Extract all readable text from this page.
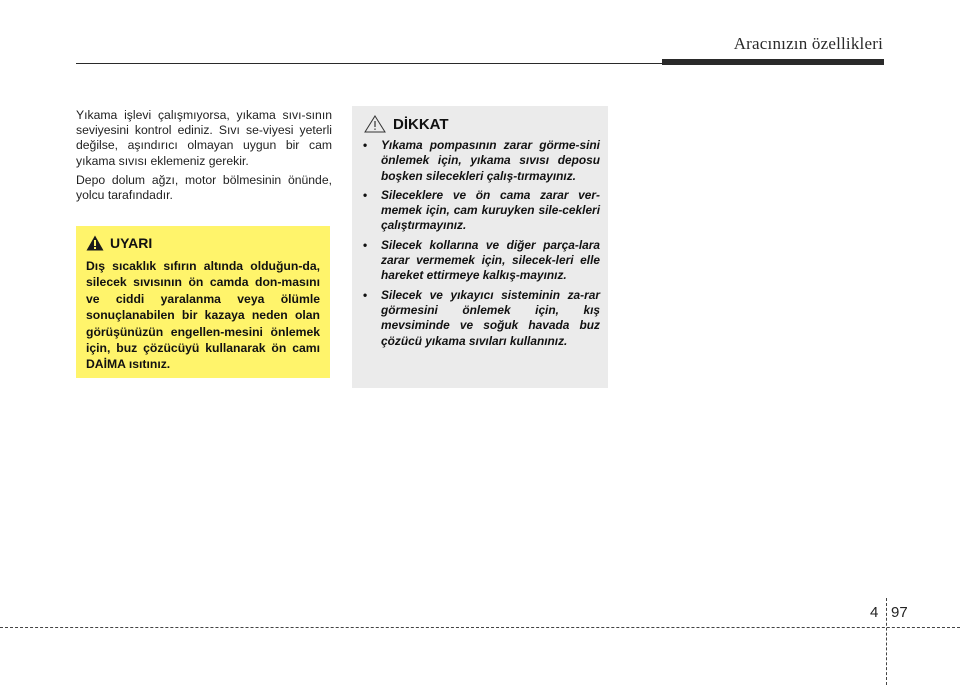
Aracınızın özellikleri

Yıkama işlevi çalışmıyorsa, yıkama sıvı-sının seviyesini kontrol ediniz. Sıvı se-viyesi yeterli değilse, aşındırıcı olmayan uygun bir cam yıkama sıvısı eklemeniz gerekir.

Depo dolum ağzı, motor bölmesinin önünde, yolcu tarafındadır.

UYARI
Dış sıcaklık sıfırın altında olduğun-da, silecek sıvısının ön camda don-masını ve ciddi yaralanma veya ölümle sonuçlanabilen bir kazaya neden olan görüşünüzün engellen-mesini önlemek için, buz çözücüyü kullanarak ön camı DAİMA ısıtınız.
DİKKAT
• Yıkama pompasının zarar görme-sini önlemek için, yıkama sıvısı deposu boşken silecekleri çalış-tırmayınız.
• Sileceklere ve ön cama zarar ver-memek için, cam kuruyken sile-cekleri çalıştırmayınız.
• Silecek kollarına ve diğer parça-lara zarar vermemek için, silecek-leri elle hareket ettirmeye kalkış-mayınız.
• Silecek ve yıkayıcı sisteminin za-rar görmesini önlemek için, kış mevsiminde ve soğuk havada buz çözücü yıkama sıvıları kullanınız.
4 97
